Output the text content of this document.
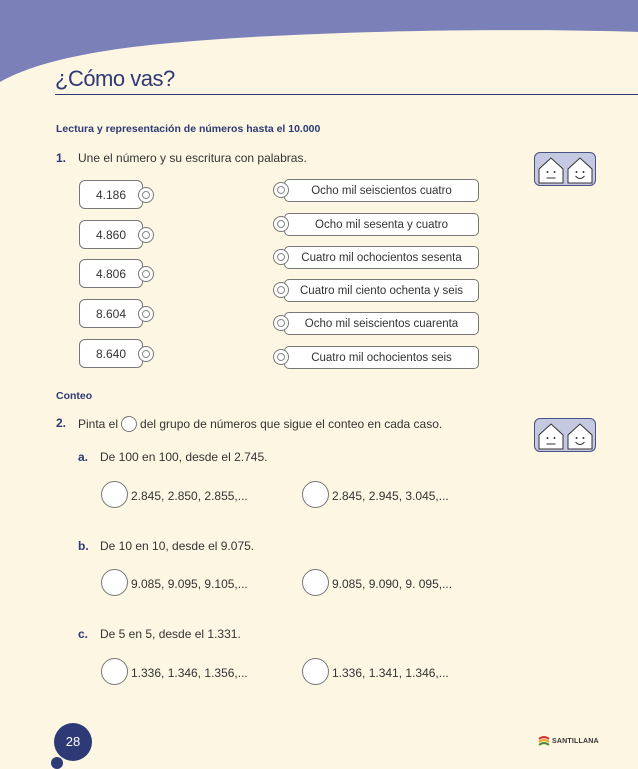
¿Cómo vas?
Lectura y representación de números hasta el 10.000
1. Une el número y su escritura con palabras.
4.186
4.860
4.806
8.604
8.640
Ocho mil seiscientos cuatro
Ocho mil sesenta y cuatro
Cuatro mil ochocientos sesenta
Cuatro mil ciento ochenta y seis
Ocho mil seiscientos cuarenta
Cuatro mil ochocientos seis
Conteo
2. Pinta el del grupo de números que sigue el conteo en cada caso.
a. De 100 en 100, desde el 2.745.
2.845, 2.850, 2.855,...	2.845, 2.945, 3.045,...
b. De 10 en 10, desde el 9.075.
9.085, 9.095, 9.105,...	9.085, 9.090, 9. 095,...
c. De 5 en 5, desde el 1.331.
1.336, 1.346, 1.356,...	1.336, 1.341, 1.346,...
28	SANTILLANA
